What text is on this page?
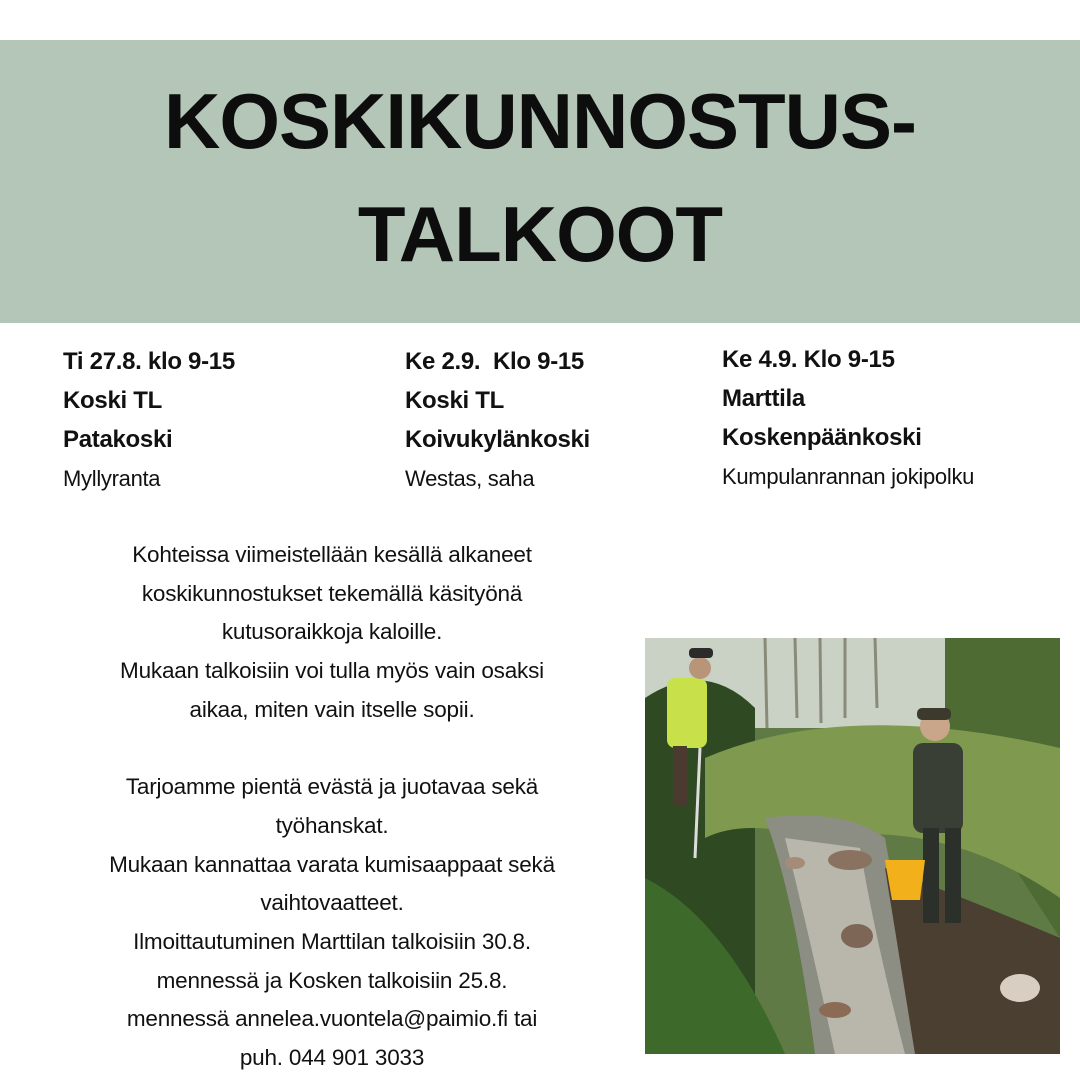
KOSKIKUNNOSTUS-
TALKOOT
Ti 27.8. klo 9-15
Koski TL
Patakoski
Myllyranta
Ke 2.9.  Klo 9-15
Koski TL
Koivukylänkoski
Westas, saha
Ke 4.9. Klo 9-15
Marttila
Koskenpäänkoski
Kumpulanrannan jokipolku
Kohteissa viimeistellään kesällä alkaneet
koskikunnostukset tekemällä käsityönä
kutusoraikkoja kaloille.
Mukaan talkoisiin voi tulla myös vain osaksi
aikaa, miten vain itselle sopii.
Tarjoamme pientä evästä ja juotavaa sekä
työhanskat.
Mukaan kannattaa varata kumisaappaat sekä
vaihtovaatteet.
Ilmoittautuminen Marttilan talkoisiin 30.8.
mennessä ja Kosken talkoisiin 25.8.
mennessä annelea.vuontela@paimio.fi tai
puh. 044 901 3033
